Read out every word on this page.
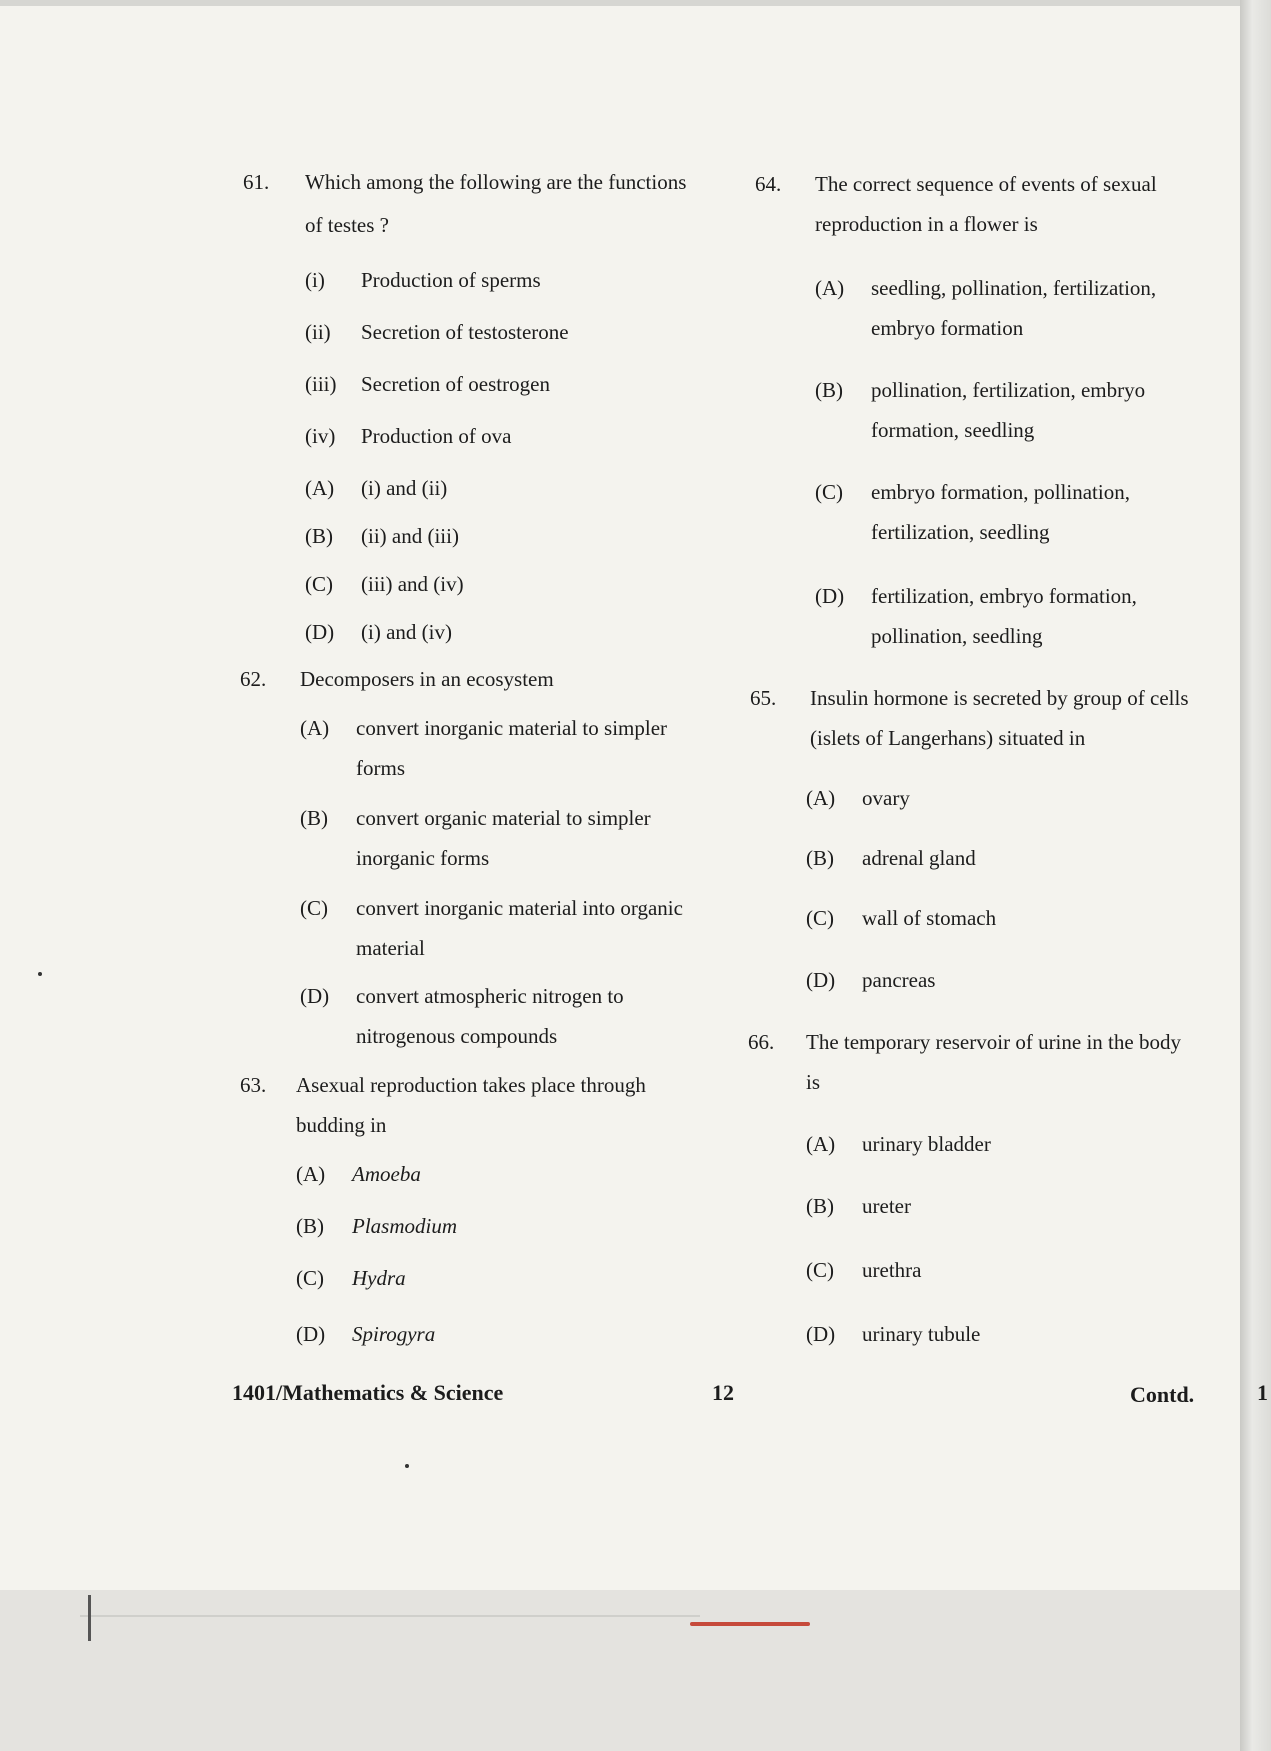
61. Which among the following are the functions
of testes ?
(i) Production of sperms
(ii) Secretion of testosterone
(iii) Secretion of oestrogen
(iv) Production of ova
(A) (i) and (ii)
(B) (ii) and (iii)
(C) (iii) and (iv)
(D) (i) and (iv)
62. Decomposers in an ecosystem
(A) convert inorganic material to simpler
forms
(B) convert organic material to simpler
inorganic forms
(C) convert inorganic material into organic
material
(D) convert atmospheric nitrogen to
nitrogenous compounds
63. Asexual reproduction takes place through
budding in
(A) Amoeba
(B) Plasmodium
(C) Hydra
(D) Spirogyra
64. The correct sequence of events of sexual
reproduction in a flower is
(A) seedling, pollination, fertilization,
embryo formation
(B) pollination, fertilization, embryo
formation, seedling
(C) embryo formation, pollination,
fertilization, seedling
(D) fertilization, embryo formation,
pollination, seedling
65. Insulin hormone is secreted by group of cells
(islets of Langerhans) situated in
(A) ovary
(B) adrenal gland
(C) wall of stomach
(D) pancreas
66. The temporary reservoir of urine in the body
is
(A) urinary bladder
(B) ureter
(C) urethra
(D) urinary tubule
1401/Mathematics & Science	12	Contd.	1
